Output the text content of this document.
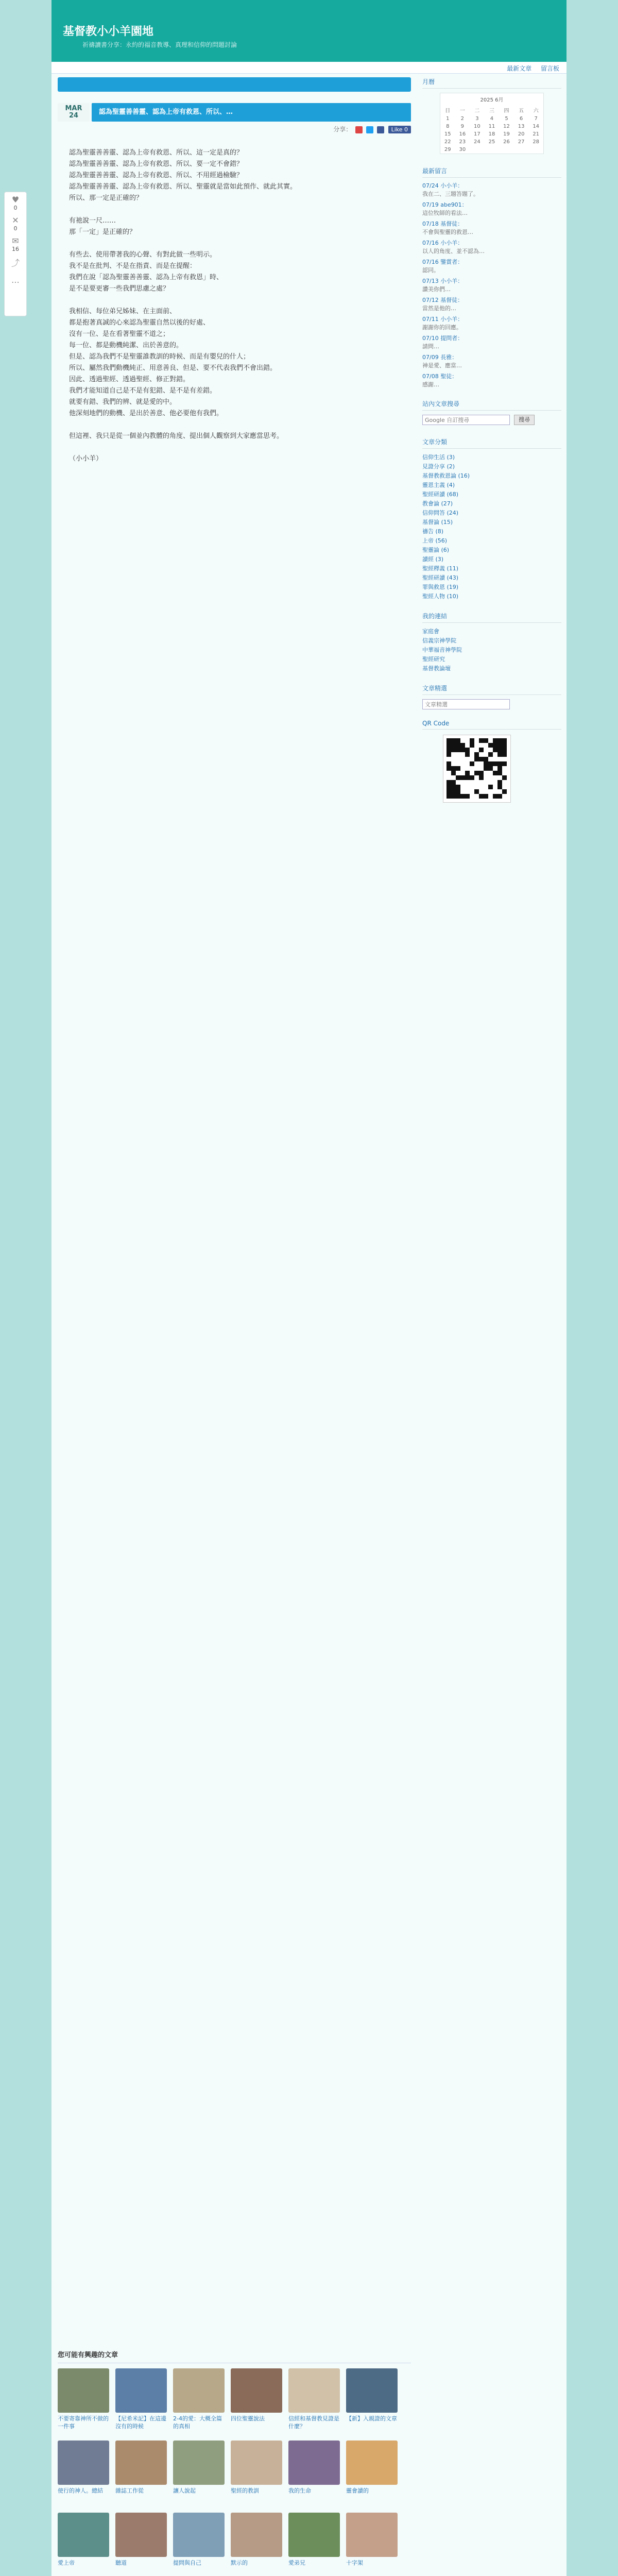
基督教小小羊園地
祈禱讀書分享：永約的福音教導、真理和信仰的問題討論
最新文章 留言板
MAR
24	認為聖靈善善靈、認為上帝有救恩、所以、…
分享：	Like 0

認為聖靈善善靈、認為上帝有救恩、所以、這一定是真的？
認為聖靈善善靈、認為上帝有救恩、所以、要一定不會錯？
認為聖靈善善靈、認為上帝有救恩、所以、不用經過檢驗？
認為聖靈善善靈、認為上帝有救恩、所以、聖靈就是當如此預作、就此其實。
所以、那一定是正確的？

有祂說一尺……
那「一定」是正確的？

有些去、使用帶著我的心聲、有對此做一些明示。
我不是在批判、不是在指責、而是在提醒：
我們在說「認為聖靈善善靈、認為上帝有救恩」時、
是不是要更審一些我們思慮之處？

我相信、每位弟兄姊妹、在主面前、
都是抱著真誠的心來認為聖靈自然以後的好處、
沒有一位、是在看著聖靈不道之；
每一位、都是動機純潔、出於善意的。
但是、認為我們不是聖靈誰教訓的時候、而是有嬰兒的什人；
所以、屬然我們動機純正、用意善良、但是、要不代表我們不會出錯。
因此、透過聖經、透過聖經、修正對錯。
我們才能知道自己是不是有犯錯、是不是有差錯。
就要有錯、我們的辨、就是愛的中。
他深刻地們的動機、是出於善意、他必要他有我們。

但這裡、我只是從一個並內教體的角度、提出個人觀察到大家應當思考。

（小小羊）
您可能有興趣的文章
不要寄靠神所不做的一件事
【尼希米記】在這邊沒有的時候
2-4的愛：大概全篇的真相
四位聖靈說法	信經和基督教見證是什麼？
【新】入親證的文章
使行的神人。總結	雜誌工作從	讓人說起	聖經的教訓	我的生命	靈會讀的
愛上帝	聽道	提問與自己	默示的	愛弟兄	十字架
月曆
2025 6月
日	一	二	三	四	五	六
1	2	3	4	5	6	7
8	9	10	11	12	13	14
15	16	17	18	19	20	21
22	23	24	25	26	27	28
29	30					
最新留言
07/24 小小羊：
我在二、三題答題了。
07/19 abe901：
這位牧師的看法…
07/18 基督徒：
不會與聖靈的救恩…
07/16 小小羊：
以人的角度、並不認為…
07/16 鑒賞者：
認同。
07/13 小小羊：
讚美你們…
07/12 基督徒：
當然是他的…
07/11 小小羊：
謝謝你的回應。
07/10 提問者：
請問…
07/09 長雅：
神是愛、應當…
07/08 聖徒：
感謝…
站內文章搜尋
Google 自訂搜尋	搜尋
文章分類
信仰生活 (3)
見證分享 (2)
基督教救恩論 (16)
靈恩主義 (4)
聖經研讀 (68)
教會論 (27)
信仰問答 (24)
基督論 (15)
禱告 (8)
上帝 (56)
聖靈論 (6)
讀經 (3)
聖經釋義 (11)
聖經研讀 (43)
罪與救恩 (19)
聖經人物 (10)
我的連結
家庭會
信義宗神學院
中華福音神學院
聖經研究
基督教論壇
文章精選
文章精選
QR Code
♥
0
✕
0
✉
16
⤴
⋯
